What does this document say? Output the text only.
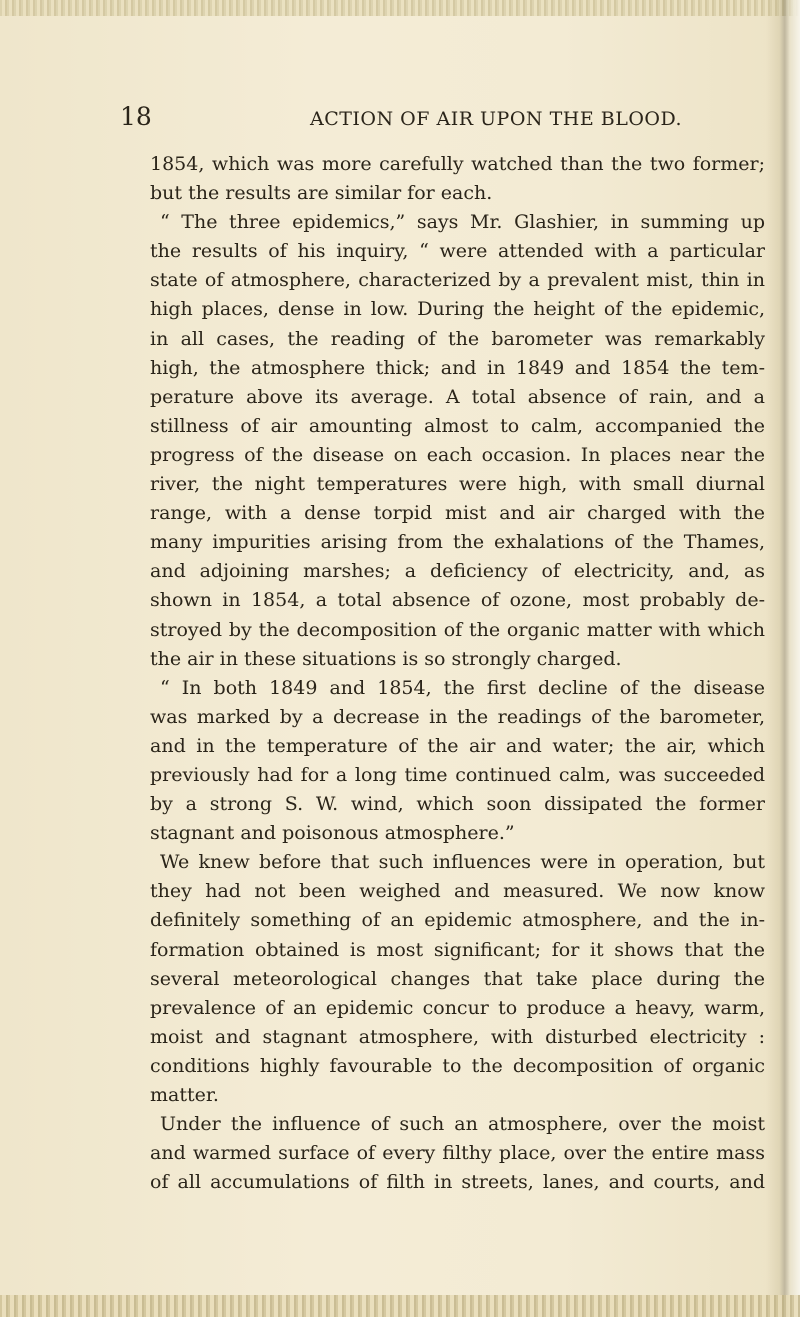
18	ACTION OF AIR UPON THE BLOOD.
1854, which was more carefully watched than the two former;
but the results are similar for each.
“ The three epidemics,” says Mr. Glashier, in summing up
the results of his inquiry, “ were attended with a particular
state of atmosphere, characterized by a prevalent mist, thin in
high places, dense in low. During the height of the epidemic,
in all cases, the reading of the barometer was remarkably
high, the atmosphere thick; and in 1849 and 1854 the tem-
perature above its average. A total absence of rain, and a
stillness of air amounting almost to calm, accompanied the
progress of the disease on each occasion. In places near the
river, the night temperatures were high, with small diurnal
range, with a dense torpid mist and air charged with the
many impurities arising from the exhalations of the Thames,
and adjoining marshes; a deficiency of electricity, and, as
shown in 1854, a total absence of ozone, most probably de-
stroyed by the decomposition of the organic matter with which
the air in these situations is so strongly charged.
“ In both 1849 and 1854, the first decline of the disease
was marked by a decrease in the readings of the barometer,
and in the temperature of the air and water; the air, which
previously had for a long time continued calm, was succeeded
by a strong S. W. wind, which soon dissipated the former
stagnant and poisonous atmosphere.”
We knew before that such influences were in operation, but
they had not been weighed and measured. We now know
definitely something of an epidemic atmosphere, and the in-
formation obtained is most significant; for it shows that the
several meteorological changes that take place during the
prevalence of an epidemic concur to produce a heavy, warm,
moist and stagnant atmosphere, with disturbed electricity :
conditions highly favourable to the decomposition of organic
matter.
Under the influence of such an atmosphere, over the moist
and warmed surface of every filthy place, over the entire mass
of all accumulations of filth in streets, lanes, and courts, and
